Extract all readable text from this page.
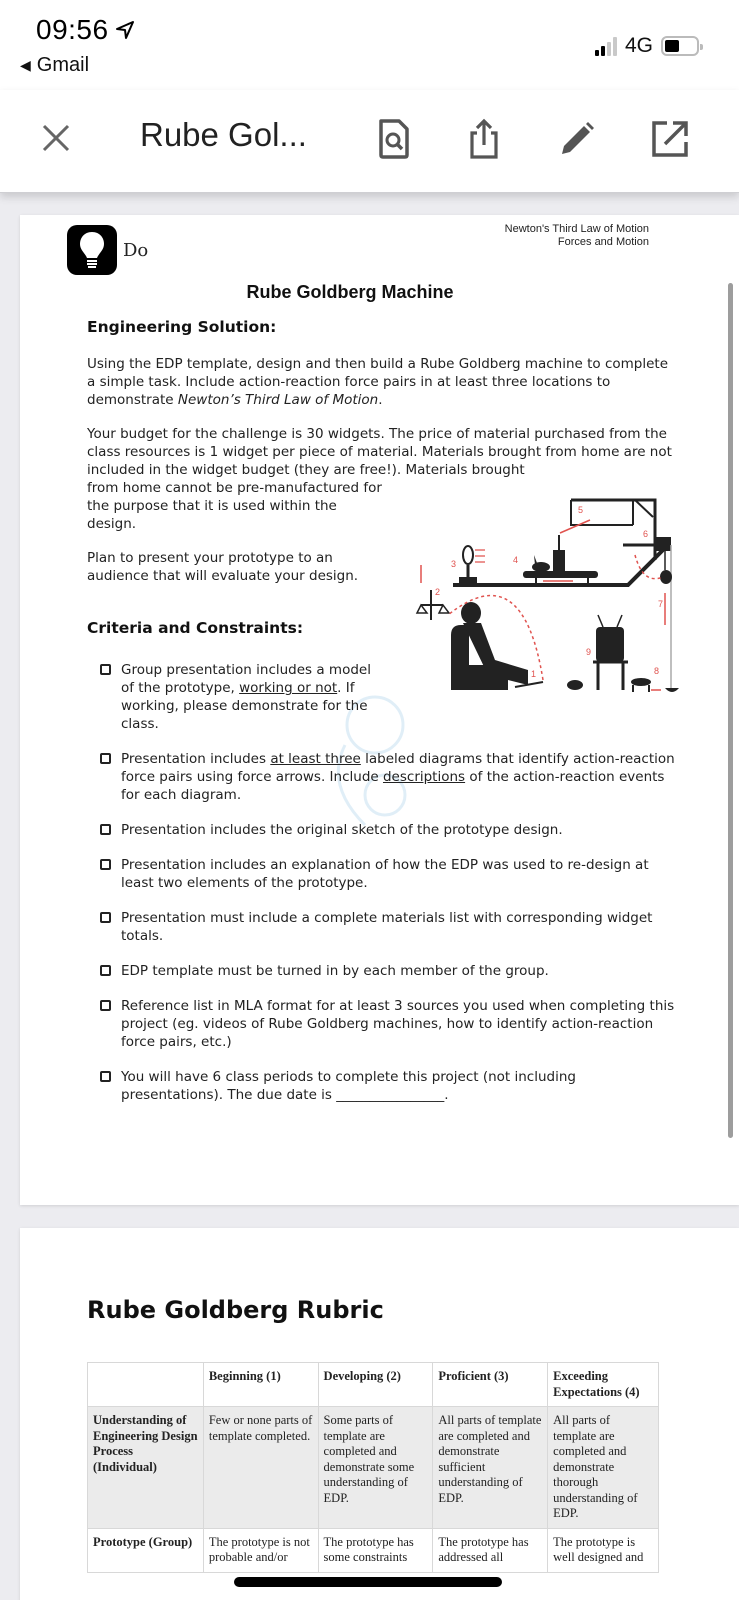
09:56
◀ Gmail
4G
Rube Gol...
Do
Newton's Third Law of Motion
Forces and Motion
Rube Goldberg Machine
Engineering Solution:
Using the EDP template, design and then build a Rube Goldberg machine to complete a simple task. Include action-reaction force pairs in at least three locations to demonstrate Newton’s Third Law of Motion.
Your budget for the challenge is 30 widgets. The price of material purchased from the class resources is 1 widget per piece of material. Materials brought from home are not included in the widget budget (they are free!). Materials brought
from home cannot be pre-manufactured for the purpose that it is used within the design.
Plan to present your prototype to an audience that will evaluate your design.
Criteria and Constraints:
1
2
3	4
5
6
7
8
9
Group presentation includes a model of the prototype, working or not. If working, please demonstrate for the class.
Presentation includes at least three labeled diagrams that identify action-reaction force pairs using force arrows. Include descriptions of the action-reaction events for each diagram.
Presentation includes the original sketch of the prototype design.
Presentation includes an explanation of how the EDP was used to re-design at least two elements of the prototype.
Presentation must include a complete materials list with corresponding widget totals.
EDP template must be turned in by each member of the group.
Reference list in MLA format for at least 3 sources you used when completing this project (eg. videos of Rube Goldberg machines, how to identify action-reaction force pairs, etc.)
You will have 6 class periods to complete this project (not including presentations). The due date is ________________.
Rube Goldberg Rubric
	Beginning (1)	Developing (2)	Proficient (3)	Exceeding Expectations (4)
Understanding of Engineering Design Process (Individual)	Few or none parts of template completed.	Some parts of template are completed and demonstrate some understanding of EDP.	All parts of template are completed and demonstrate sufficient understanding of EDP.	All parts of template are completed and demonstrate thorough understanding of EDP.
Prototype (Group)	The prototype is not probable and/or	The prototype has some constraints	The prototype has addressed all	The prototype is well designed and
